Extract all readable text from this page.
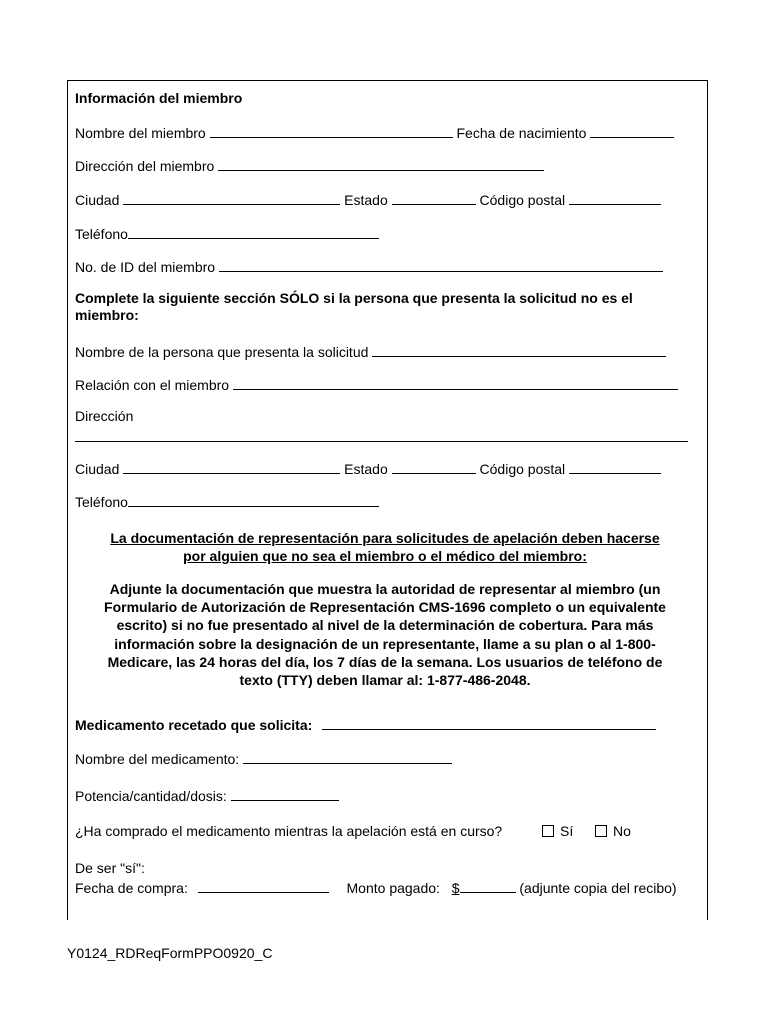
Información del miembro
Nombre del miembro	Fecha de nacimiento
Dirección del miembro
Ciudad	Estado	Código postal
Teléfono
No. de ID del miembro
Complete la siguiente sección SÓLO si la persona que presenta la solicitud no es el miembro:
Nombre de la persona que presenta la solicitud
Relación con el miembro
Dirección
Ciudad	Estado	Código postal
Teléfono
La documentación de representación para solicitudes de apelación deben hacerse
por alguien que no sea el miembro o el médico del miembro:
Adjunte la documentación que muestra la autoridad de representar al miembro (un
Formulario de Autorización de Representación CMS-1696 completo o un equivalente
escrito) si no fue presentado al nivel de la determinación de cobertura. Para más
información sobre la designación de un representante, llame a su plan o al 1-800-
Medicare, las 24 horas del día, los 7 días de la semana. Los usuarios de teléfono de
texto (TTY) deben llamar al: 1-877-486-2048.
Medicamento recetado que solicita:
Nombre del medicamento:
Potencia/cantidad/dosis:
¿Ha comprado el medicamento mientras la apelación está en curso?	Sí	No
De ser "sí":
Fecha de compra:	Monto pagado: $	(adjunte copia del recibo)
Y0124_RDReqFormPPO0920_C
